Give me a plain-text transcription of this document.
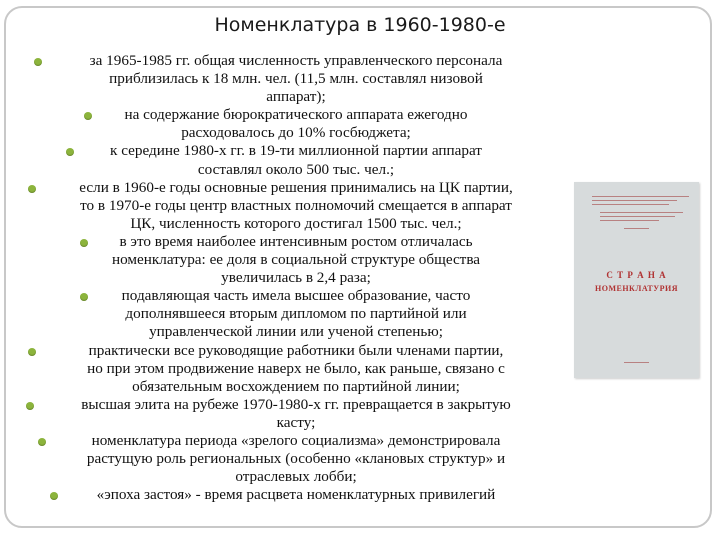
Номенклатура в 1960-1980-е
за 1965-1985 гг. общая численность управленческого персонала
приблизилась к 18 млн. чел. (11,5 млн. составлял низовой
аппарат);
на содержание бюрократического аппарата ежегодно
расходовалось до 10% госбюджета;
к середине 1980-х гг. в 19-ти миллионной партии аппарат
составлял около 500 тыс. чел.;
если в 1960-е годы основные решения принимались на ЦК партии,
то в 1970-е годы центр властных полномочий смещается в аппарат
ЦК, численность которого достигал 1500 тыс. чел.;
в это время наиболее интенсивным ростом отличалась
номенклатура: ее доля в социальной структуре общества
увеличилась в 2,4 раза;
подавляющая часть имела высшее образование, часто
дополнявшееся вторым дипломом по партийной или
управленческой линии или ученой степенью;
практически все руководящие работники были членами партии,
но при этом продвижение наверх не было, как раньше, связано с
обязательным восхождением по партийной линии;
высшая элита на рубеже 1970-1980-х гг. превращается в закрытую
касту;
номенклатура периода «зрелого социализма» демонстрировала
растущую роль региональных (особенно «клановых структур» и
отраслевых лобби;
«эпоха застоя» - время расцвета номенклатурных привилегий
С Т Р А Н А
НОМЕНКЛАТУРИЯ
